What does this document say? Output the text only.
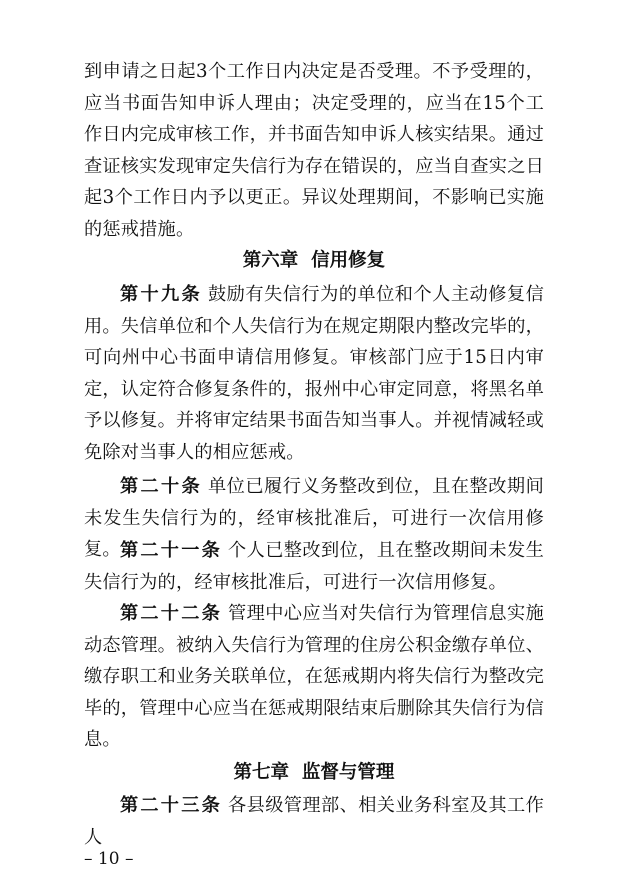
到申请之日起3个工作日内决定是否受理。不予受理的，应当书面告知申诉人理由；决定受理的，应当在15个工作日内完成审核工作，并书面告知申诉人核实结果。通过查证核实发现审定失信行为存在错误的，应当自查实之日起3个工作日内予以更正。异议处理期间，不影响已实施的惩戒措施。

第六章  信用修复

第十九条 鼓励有失信行为的单位和个人主动修复信用。失信单位和个人失信行为在规定期限内整改完毕的，可向州中心书面申请信用修复。审核部门应于15日内审定，认定符合修复条件的，报州中心审定同意，将黑名单予以修复。并将审定结果书面告知当事人。并视情减轻或免除对当事人的相应惩戒。

第二十条 单位已履行义务整改到位，且在整改期间未发生失信行为的，经审核批准后，可进行一次信用修复。 第二十一条 个人已整改到位，且在整改期间未发生失信行为的，经审核批准后，可进行一次信用修复。

第二十二条 管理中心应当对失信行为管理信息实施动态管理。被纳入失信行为管理的住房公积金缴存单位、缴存职工和业务关联单位，在惩戒期内将失信行为整改完毕的，管理中心应当在惩戒期限结束后删除其失信行为信息。

第七章  监督与管理

第二十三条 各县级管理部、相关业务科室及其工作人

– 10 –
